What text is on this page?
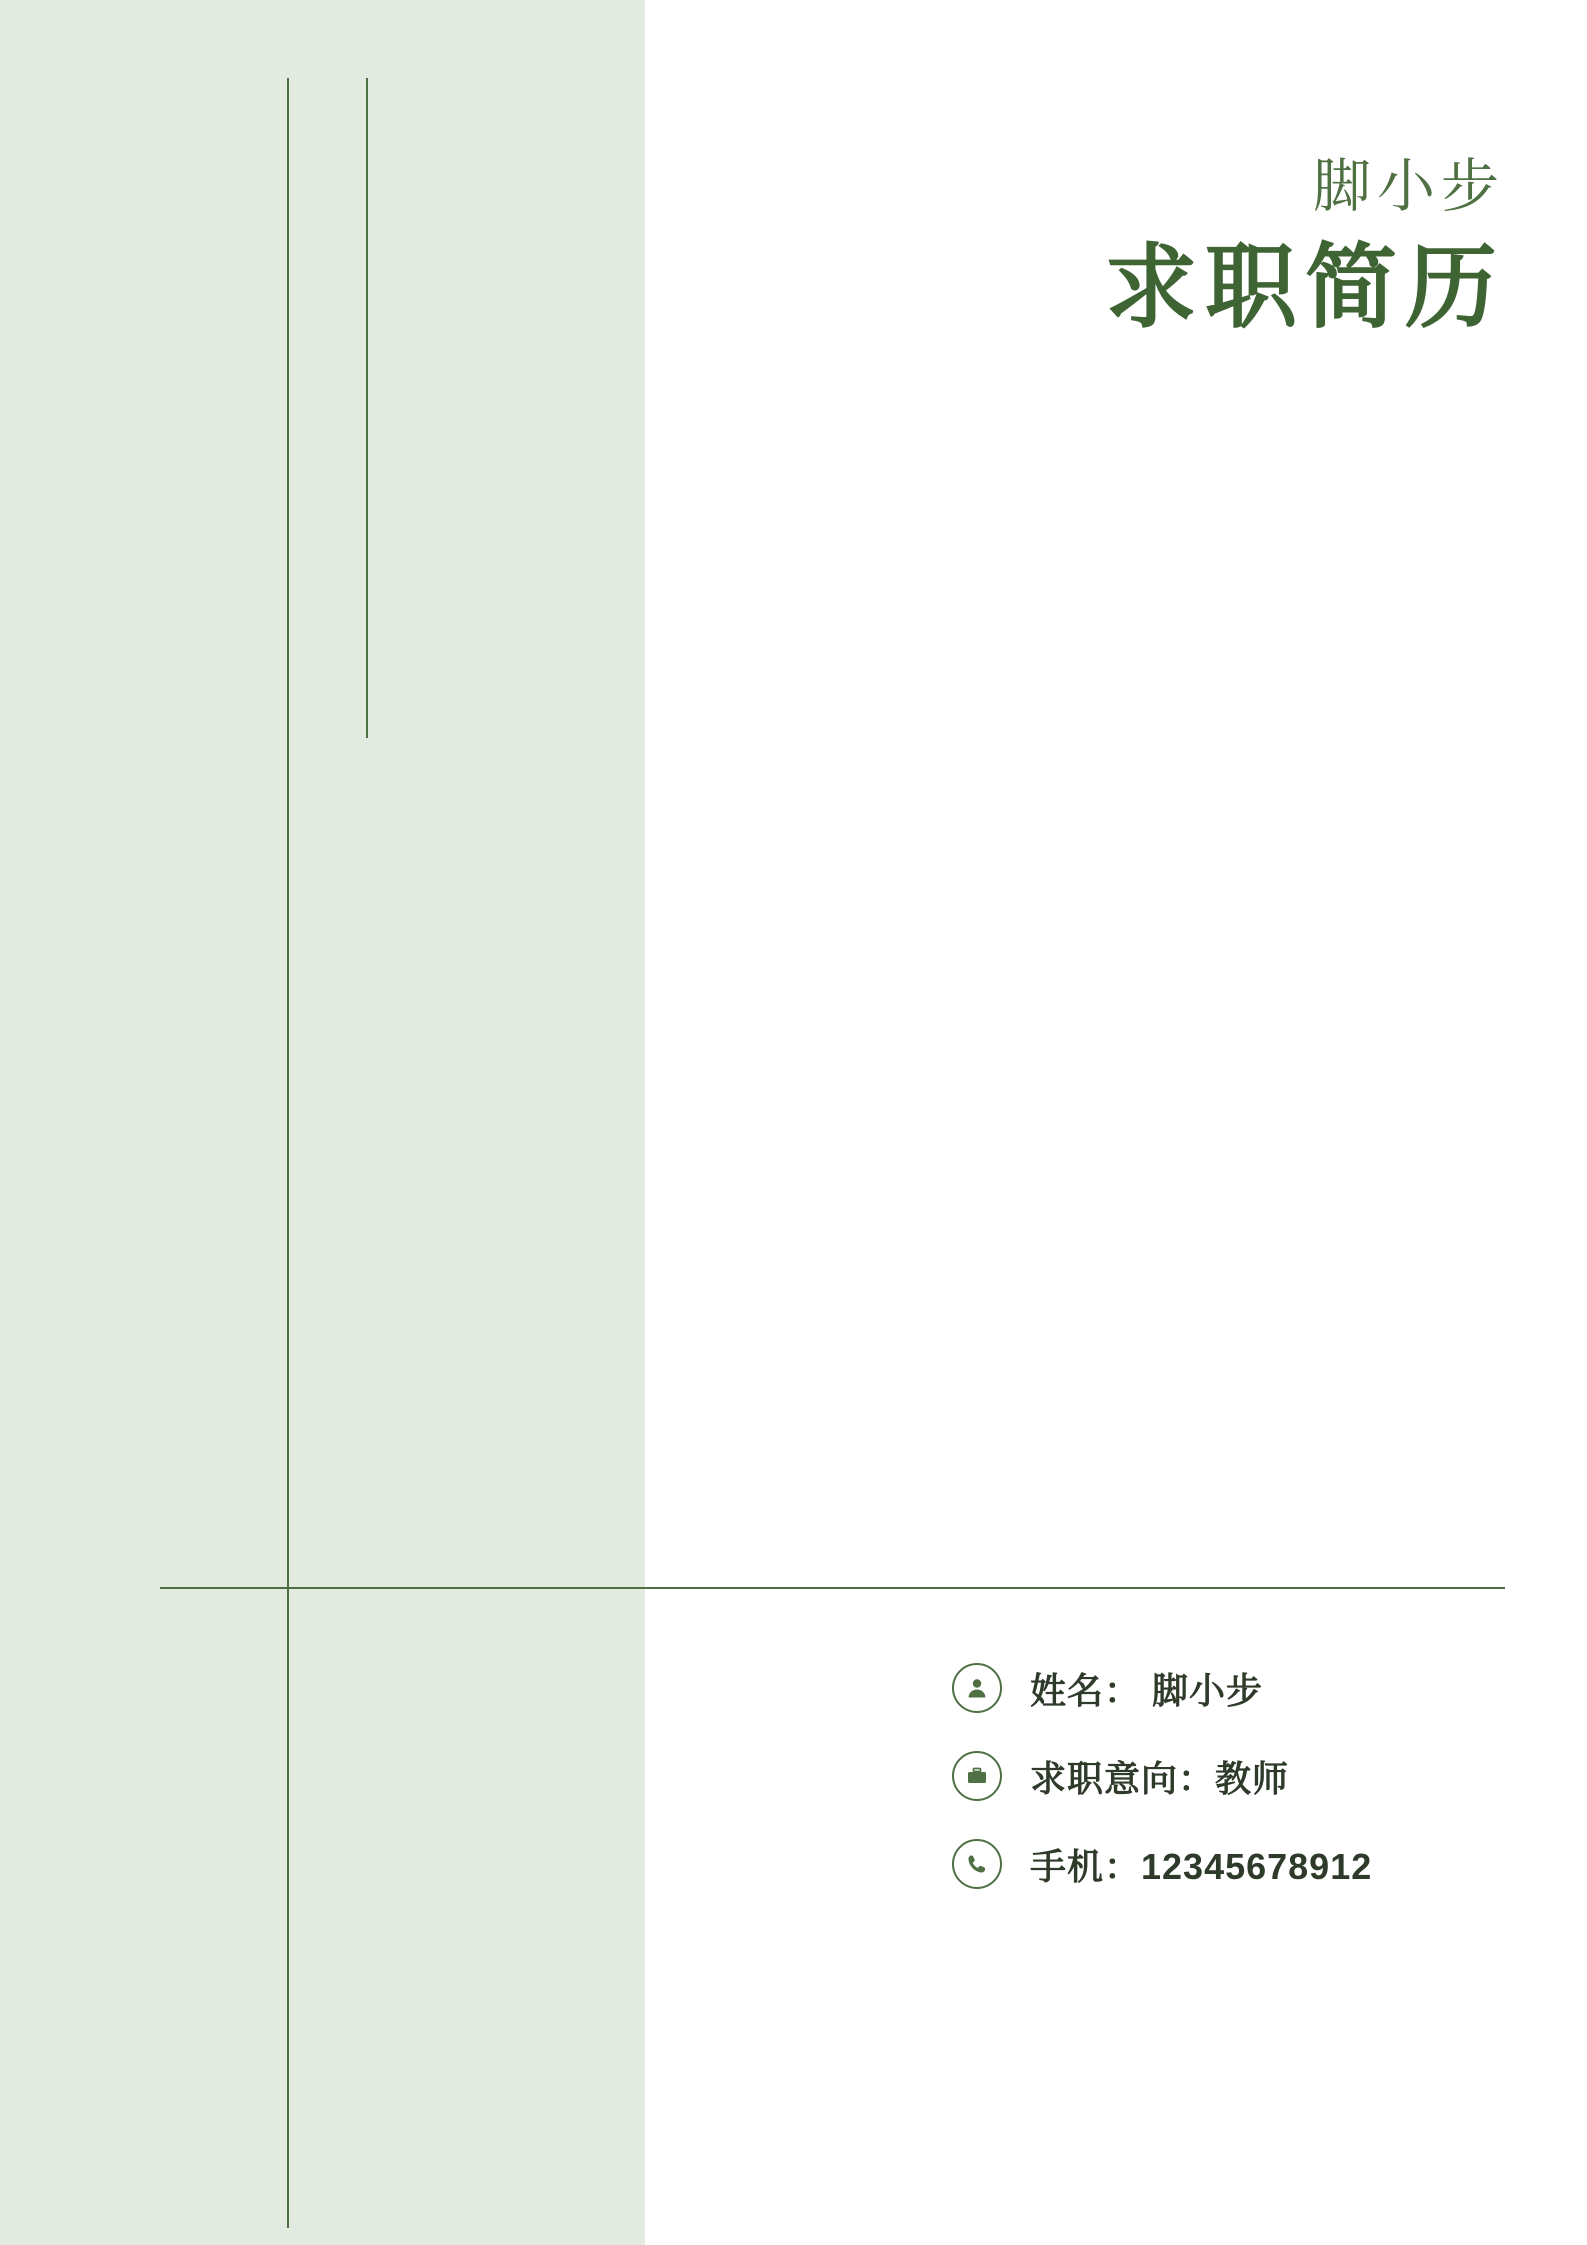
脚小步

求职简历

姓名： 脚小步
求职意向：教师
手机：12345678912
